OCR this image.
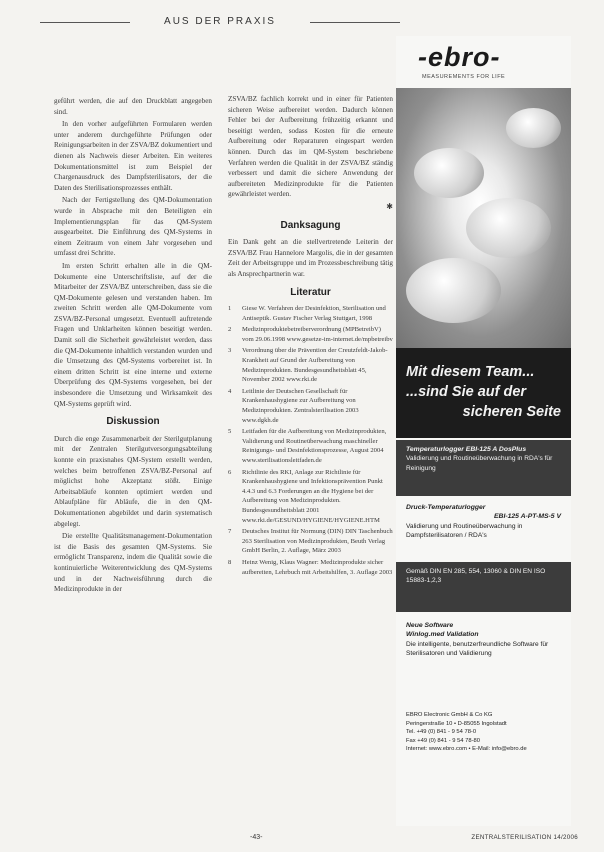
AUS DER PRAXIS

geführt werden, die auf den Druckblatt angegeben sind.

In den vorher aufgeführten Formularen werden unter anderem durchgeführte Prüfungen oder Reinigungsarbeiten in der ZSVA/BZ dokumentiert und dienen als Nachweis dieser Arbeiten. Ein weiteres Dokumentationsmittel ist zum Beispiel der Chargenausdruck des Dampfsterilisators, der die Daten des Sterilisationsprozesses enthält.

Nach der Fertigstellung des QM-Dokumentation wurde in Absprache mit den Beteiligten ein Implementierungsplan für das QM-System ausgearbeitet. Die Einführung des QM-Systems in einem Zeitraum von einem Jahr vorgesehen und umfasst drei Schritte.

Im ersten Schritt erhalten alle in die QM-Dokumente eine Unterschriftsliste, auf der die Mitarbeiter der ZSVA/BZ unterschreiben, dass sie die QM-Dokumente gelesen und verstanden haben. Im zweiten Schritt werden alle QM-Dokumente vom ZSVA/BZ-Personal umgesetzt. Eventuell auftretende Fragen und Unklarheiten können beseitigt werden. Damit soll die Sicherheit gewährleistet werden, dass die QM-Dokumente inhaltlich verstanden wurden und die Umsetzung des QM-Systems vorbereitet ist. In einem dritten Schritt ist eine interne und externe Überprüfung des QM-Systems vorgesehen, bei der insbesondere die Umsetzung und Wirksamkeit des QM-Systems geprüft wird.

Diskussion

Durch die enge Zusammenarbeit der Sterilgutplanung mit der Zentralen Sterilgutversorgungsabteilung konnte ein praxisnahes QM-System erstellt werden, welches beim betroffenen ZSVA/BZ-Personal auf möglichst hohe Akzeptanz stößt. Einige Arbeitsabläufe konnten optimiert werden und Ablaufpläne für Abläufe, die in den QM-Dokumentationen abgebildet und darin systematisch abgelegt.

Die erstellte Qualitätsmanagement-Dokumentation ist die Basis des gesamten QM-Systems. Sie ermöglicht Transparenz, indem die Qualität sowie die kontinuierliche Weiterentwicklung des QM-Systems und in der Nachweisführung durch die Medizinprodukte in der

ZSVA/BZ fachlich korrekt und in einer für Patienten sicheren Weise aufbereitet werden. Dadurch können Fehler bei der Aufbereitung frühzeitig erkannt und beseitigt werden, sodass Kosten für die erneute Aufbereitung oder Reparaturen eingespart werden können. Durch das im QM-System beschriebene Verfahren werden die Qualität in der ZSVA/BZ ständig verbessert und damit die sichere Anwendung der aufbereiteten Medizinprodukte für die Patienten gewährleistet werden.

✱
Danksagung

Ein Dank geht an die stellvertretende Leiterin der ZSVA/BZ Frau Hannelore Margolis, die in der gesamten Zeit der Arbeitsgruppe und im Prozessbeschreibung tätig als Ansprechpartnerin war.

Literatur
1 Giese W. Verfahren der Desinfektion, Sterilisation und Antiseptik. Gustav Fischer Verlag Stuttgart, 1998
2 Medizinproduktebetreiberverordnung (MPBetreibV) vom 29.06.1998 www.gesetze-im-internet.de/mpbetreibv
3 Verordnung über die Prävention der Creutzfeldt-Jakob-Krankheit auf Grund der Aufbereitung von Medizinprodukten. Bundesgesundheitsblatt 45, November 2002 www.rki.de
4 Leitlinie der Deutschen Gesellschaft für Krankenhaushygiene zur Aufbereitung von Medizinprodukten. Zentralsterilisation 2003 www.dgkh.de
5 Leitfaden für die Aufbereitung von Medizinprodukten, Validierung und Routineüberwachung maschineller Reinigungs- und Desinfektionsprozesse, August 2004 www.sterilisationsleitfaden.de
6 Richtlinie des RKI, Anlage zur Richtlinie für Krankenhaushygiene und Infektionsprävention Punkt 4.4.3 und 6.3 Forderungen an die Hygiene bei der Aufbereitung von Medizinprodukten. Bundesgesundheitsblatt 2001 www.rki.de/GESUND/HYGIENE/HYGIENE.HTM
7 Deutsches Institut für Normung (DIN) DIN Taschenbuch 263 Sterilisation von Medizinprodukten, Beuth Verlag GmbH Berlin, 2. Auflage, März 2003
8 Heinz Wenig, Klaus Wagner: Medizinprodukte sicher aufbereiten, Lehrbuch mit Arbeitshilfen, 3. Auflage 2003
-ebro-
MEASUREMENTS FOR LIFE
Mit diesem Team...
...sind Sie auf der
sicheren Seite
Temperaturlogger EBI-125 A DosPlus
Validierung und Routineüberwachung in RDA's für Reinigung
Druck-Temperaturlogger
EBI-125 A-PT-MS-5 V
Validierung und Routineüberwachung in Dampfsterilisatoren / RDA's
Gemäß DIN EN 285, 554, 13060 & DIN EN ISO 15883-1,2,3
Neue Software
Winlog.med Validation
Die intelligente, benutzerfreundliche Software für Sterilisatoren und Validierung
EBRO Electronic GmbH & Co KG
Peringerstraße 10 • D-85055 Ingolstadt
Tel. +49 (0) 841 - 9 54 78-0
Fax +49 (0) 841 - 9 54 78-80
Internet: www.ebro.com • E-Mail: info@ebro.de
-43-	ZENTRALSTERILISATION 14/2006
